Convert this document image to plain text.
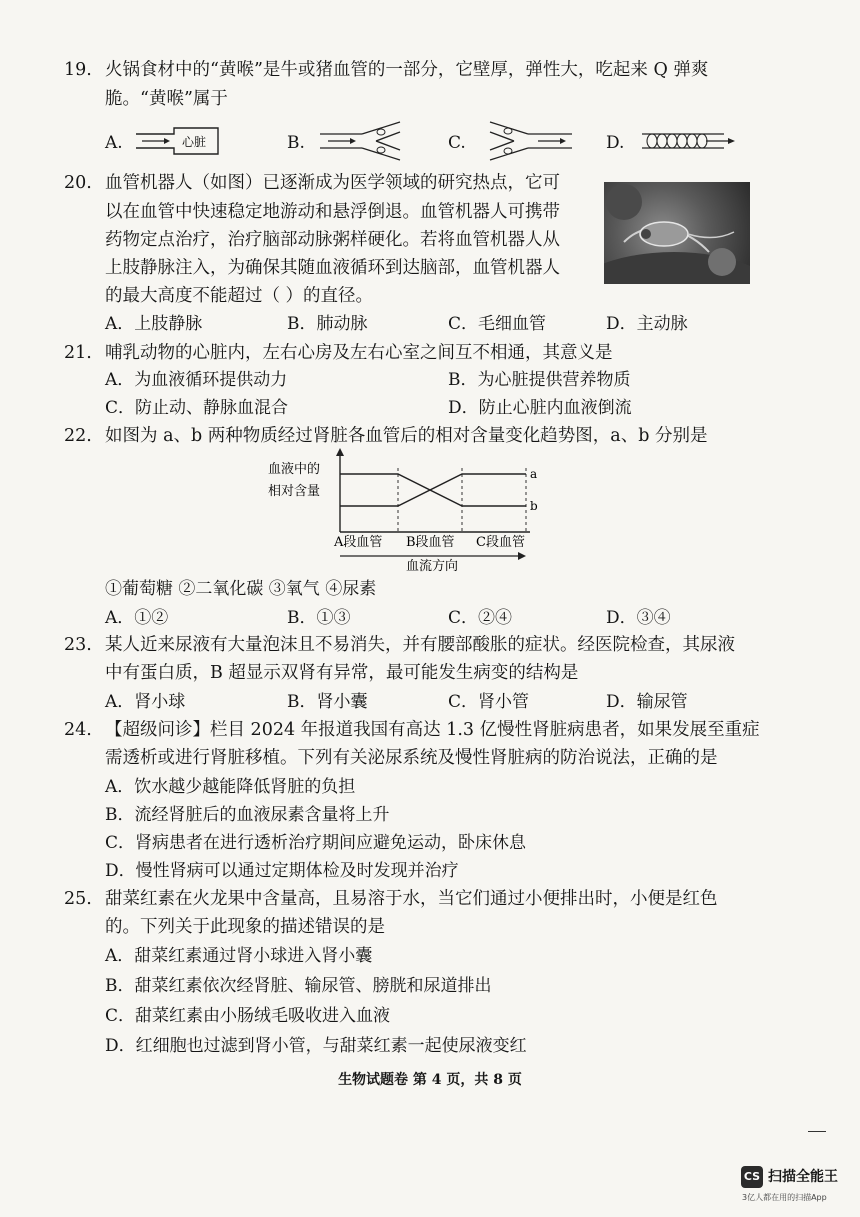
19. 火锅食材中的“黄喉”是牛或猪血管的一部分，它壁厚，弹性大，吃起来 Q 弹爽
脆。“黄喉”属于
A.	心脏	B.	C.	D.
20. 血管机器人（如图）已逐渐成为医学领域的研究热点，它可
以在血管中快速稳定地游动和悬浮倒退。血管机器人可携带
药物定点治疗，治疗脑部动脉粥样硬化。若将血管机器人从
上肢静脉注入，为确保其随血液循环到达脑部，血管机器人
的最大高度不能超过（ ）的直径。
A．上肢静脉	B．肺动脉	C．毛细血管	D．主动脉
21. 哺乳动物的心脏内，左右心房及左右心室之间互不相通，其意义是
A．为血液循环提供动力	B．为心脏提供营养物质
C．防止动、静脉血混合	D．防止心脏内血液倒流
22. 如图为 a、b 两种物质经过肾脏各血管后的相对含量变化趋势图，a、b 分别是
血液中的
相对含量
a
b
A段血管 B段血管 C段血管
血流方向
①葡萄糖 ②二氧化碳 ③氧气 ④尿素
A．①②	B．①③	C．②④	D．③④
23. 某人近来尿液有大量泡沫且不易消失，并有腰部酸胀的症状。经医院检查，其尿液
中有蛋白质，B 超显示双肾有异常，最可能发生病变的结构是
A．肾小球	B．肾小囊	C．肾小管	D．输尿管
24. 【超级问诊】栏目 2024 年报道我国有高达 1.3 亿慢性肾脏病患者，如果发展至重症
需透析或进行肾脏移植。下列有关泌尿系统及慢性肾脏病的防治说法，正确的是
A．饮水越少越能降低肾脏的负担
B．流经肾脏后的血液尿素含量将上升
C．肾病患者在进行透析治疗期间应避免运动，卧床休息
D．慢性肾病可以通过定期体检及时发现并治疗
25. 甜菜红素在火龙果中含量高，且易溶于水，当它们通过小便排出时，小便是红色
的。下列关于此现象的描述错误的是
A．甜菜红素通过肾小球进入肾小囊
B．甜菜红素依次经肾脏、输尿管、膀胱和尿道排出
C．甜菜红素由小肠绒毛吸收进入血液
D．红细胞也过滤到肾小管，与甜菜红素一起使尿液变红
生物试题卷 第 4 页，共 8 页
CS 扫描全能王
3亿人都在用的扫描App
